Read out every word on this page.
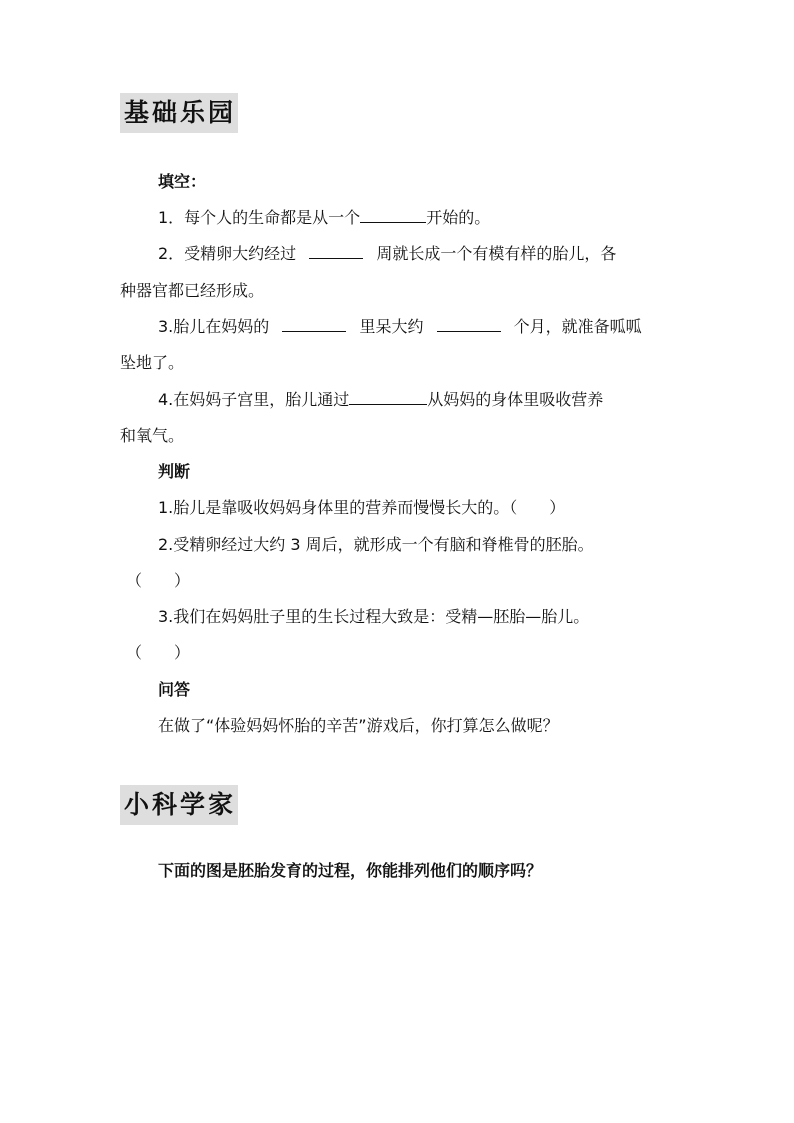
基础乐园
填空：
1．每个人的生命都是从一个	开始的。
2．受精卵大约经过	周就长成一个有模有样的胎儿，各
种器官都已经形成。
3.胎儿在妈妈的	里呆大约	个月，就准备呱呱
坠地了。
4.在妈妈子宫里，胎儿通过	从妈妈的身体里吸收营养
和氧气。
判断
1.胎儿是靠吸收妈妈身体里的营养而慢慢长大的。（　　）
2.受精卵经过大约 3 周后，就形成一个有脑和脊椎骨的胚胎。
（　　）
3.我们在妈妈肚子里的生长过程大致是：受精—胚胎—胎儿。
（　　）
问答
在做了“体验妈妈怀胎的辛苦”游戏后，你打算怎么做呢？
小科学家
下面的图是胚胎发育的过程，你能排列他们的顺序吗？
